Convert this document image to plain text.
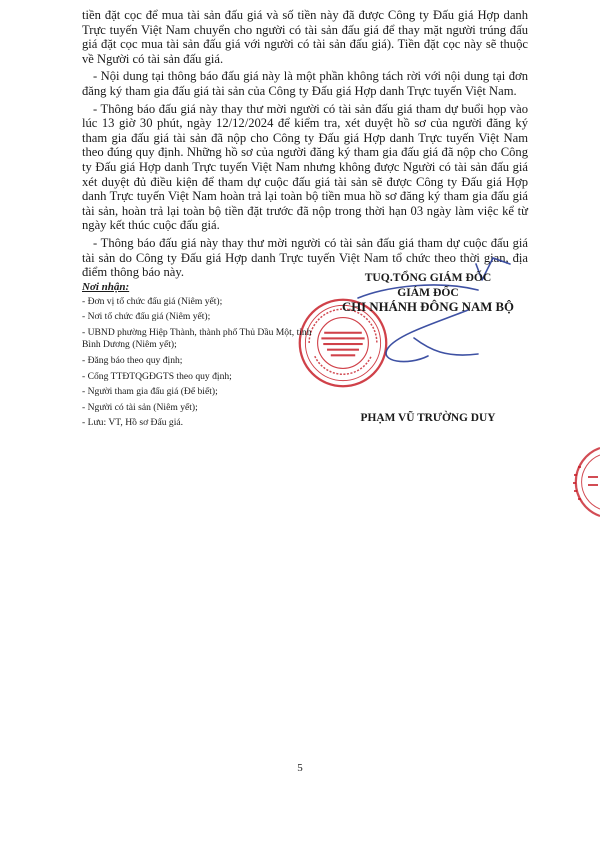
tiền đặt cọc để mua tài sản đấu giá và số tiền này đã được Công ty Đấu giá Hợp danh Trực tuyến Việt Nam chuyển cho người có tài sản đấu giá để thay mặt người trúng đấu giá đặt cọc mua tài sản đấu giá với người có tài sản đấu giá). Tiền đặt cọc này sẽ thuộc về Người có tài sản đấu giá.

- Nội dung tại thông báo đấu giá này là một phần không tách rời với nội dung tại đơn đăng ký tham gia đấu giá tài sản của Công ty Đấu giá Hợp danh Trực tuyến Việt Nam.

- Thông báo đấu giá này thay thư mời người có tài sản đấu giá tham dự buổi họp vào lúc 13 giờ 30 phút, ngày 12/12/2024 để kiểm tra, xét duyệt hồ sơ của người đăng ký tham gia đấu giá tài sản đã nộp cho Công ty Đấu giá Hợp danh Trực tuyến Việt Nam theo đúng quy định. Những hồ sơ của người đăng ký tham gia đấu giá đã nộp cho Công ty Đấu giá Hợp danh Trực tuyến Việt Nam nhưng không được Người có tài sản đấu giá xét duyệt đủ điều kiện để tham dự cuộc đấu giá tài sản sẽ được Công ty Đấu giá Hợp danh Trực tuyến Việt Nam hoàn trả lại toàn bộ tiền mua hồ sơ đăng ký tham gia đấu giá tài sản, hoàn trả lại toàn bộ tiền đặt trước đã nộp trong thời hạn 03 ngày làm việc kể từ ngày kết thúc cuộc đấu giá.

- Thông báo đấu giá này thay thư mời người có tài sản đấu giá tham dự cuộc đấu giá tài sản do Công ty Đấu giá Hợp danh Trực tuyến Việt Nam tổ chức theo thời gian, địa điểm thông báo này.	TUQ.TỔNG GIÁM ĐỐC
GIÁM ĐỐC
CHI NHÁNH ĐÔNG NAM BỘ
Nơi nhận:
- Đơn vị tổ chức đấu giá (Niêm yết);
- Nơi tổ chức đấu giá (Niêm yết);
- UBND phường Hiệp Thành, thành phố Thủ Dầu Một, tỉnh Bình Dương (Niêm yết);
- Đăng báo theo quy định;
- Cổng TTĐTQGĐGTS theo quy định;
- Người tham gia đấu giá (Để biết);
- Người có tài sản (Niêm yết);
- Lưu: VT, Hồ sơ Đấu giá.	PHẠM VŨ TRƯỜNG DUY
5
